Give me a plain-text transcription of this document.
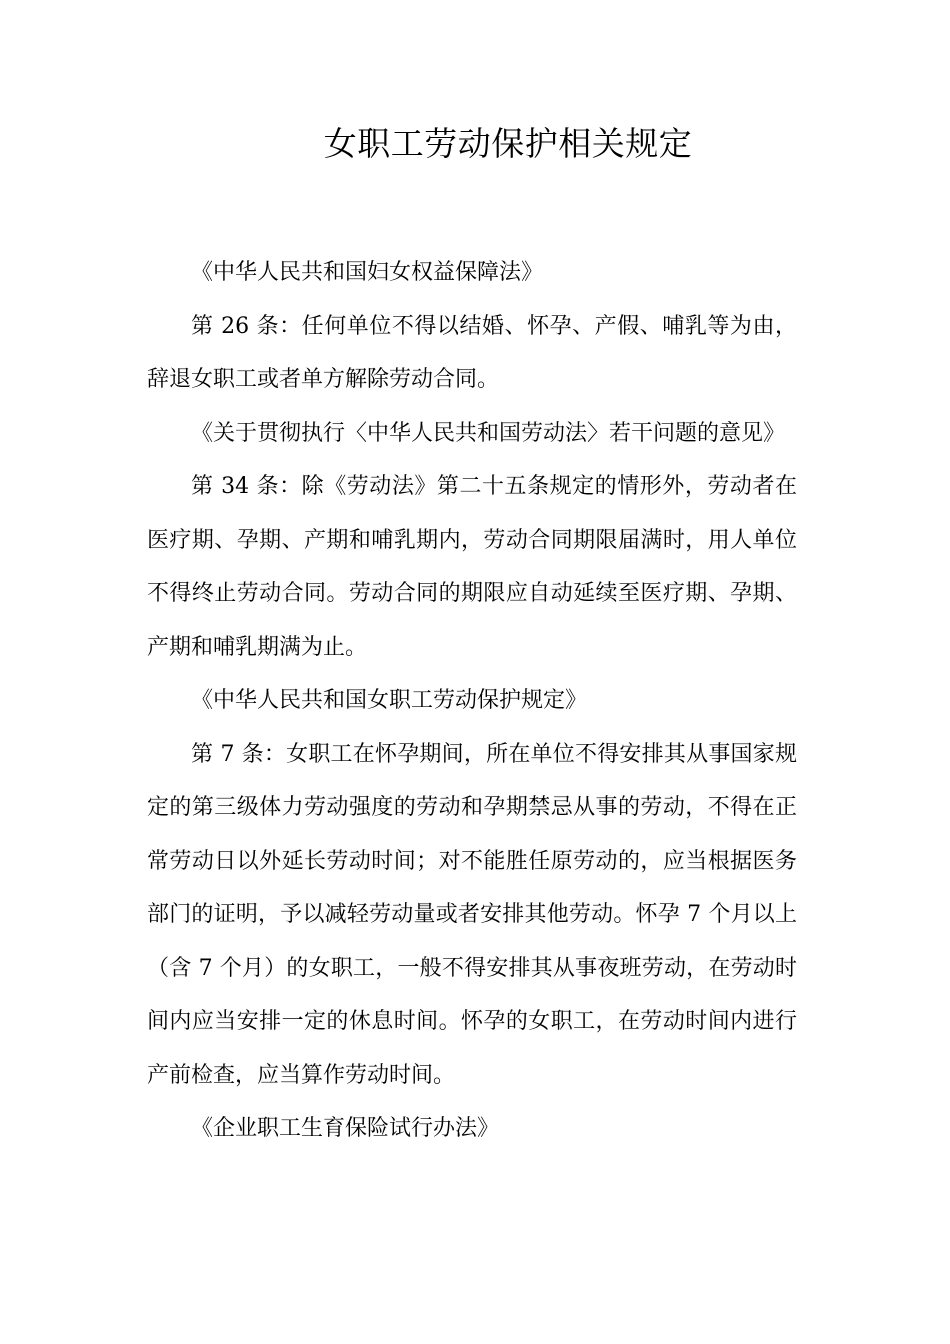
女职工劳动保护相关规定

《中华人民共和国妇女权益保障法》

第 26 条：任何单位不得以结婚、怀孕、产假、哺乳等为由，辞退女职工或者单方解除劳动合同。

《关于贯彻执行〈中华人民共和国劳动法〉若干问题的意见》

第 34 条：除《劳动法》第二十五条规定的情形外，劳动者在医疗期、孕期、产期和哺乳期内，劳动合同期限届满时，用人单位不得终止劳动合同。劳动合同的期限应自动延续至医疗期、孕期、产期和哺乳期满为止。

《中华人民共和国女职工劳动保护规定》

第 7 条：女职工在怀孕期间，所在单位不得安排其从事国家规定的第三级体力劳动强度的劳动和孕期禁忌从事的劳动，不得在正常劳动日以外延长劳动时间；对不能胜任原劳动的，应当根据医务部门的证明，予以减轻劳动量或者安排其他劳动。怀孕 7 个月以上（含 7 个月）的女职工，一般不得安排其从事夜班劳动，在劳动时间内应当安排一定的休息时间。怀孕的女职工，在劳动时间内进行产前检查，应当算作劳动时间。

《企业职工生育保险试行办法》
